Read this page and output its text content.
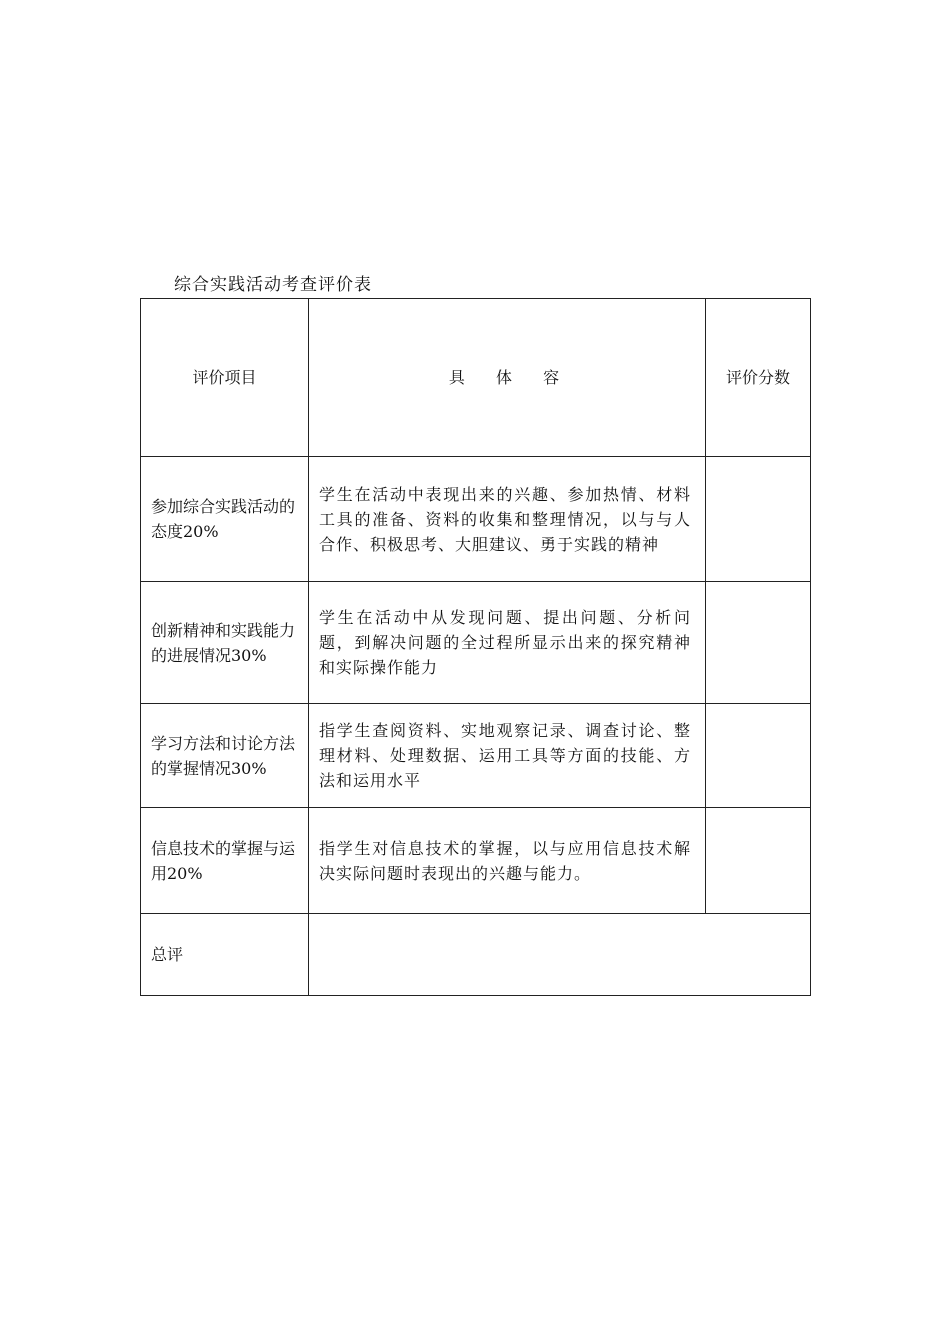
综合实践活动考查评价表
评价项目	具 体 容	评价分数
参加综合实践活动的态度20%	学生在活动中表现出来的兴趣、参加热情、材料工具的准备、资料的收集和整理情况，以与与人合作、积极思考、大胆建议、勇于实践的精神	
创新精神和实践能力的进展情况30%	学生在活动中从发现问题、提出问题、分析问题，到解决问题的全过程所显示出来的探究精神和实际操作能力	
学习方法和讨论方法的掌握情况30%	指学生查阅资料、实地观察记录、调查讨论、整理材料、处理数据、运用工具等方面的技能、方法和运用水平	
信息技术的掌握与运用20%	指学生对信息技术的掌握，以与应用信息技术解决实际问题时表现出的兴趣与能力。	
总评		
